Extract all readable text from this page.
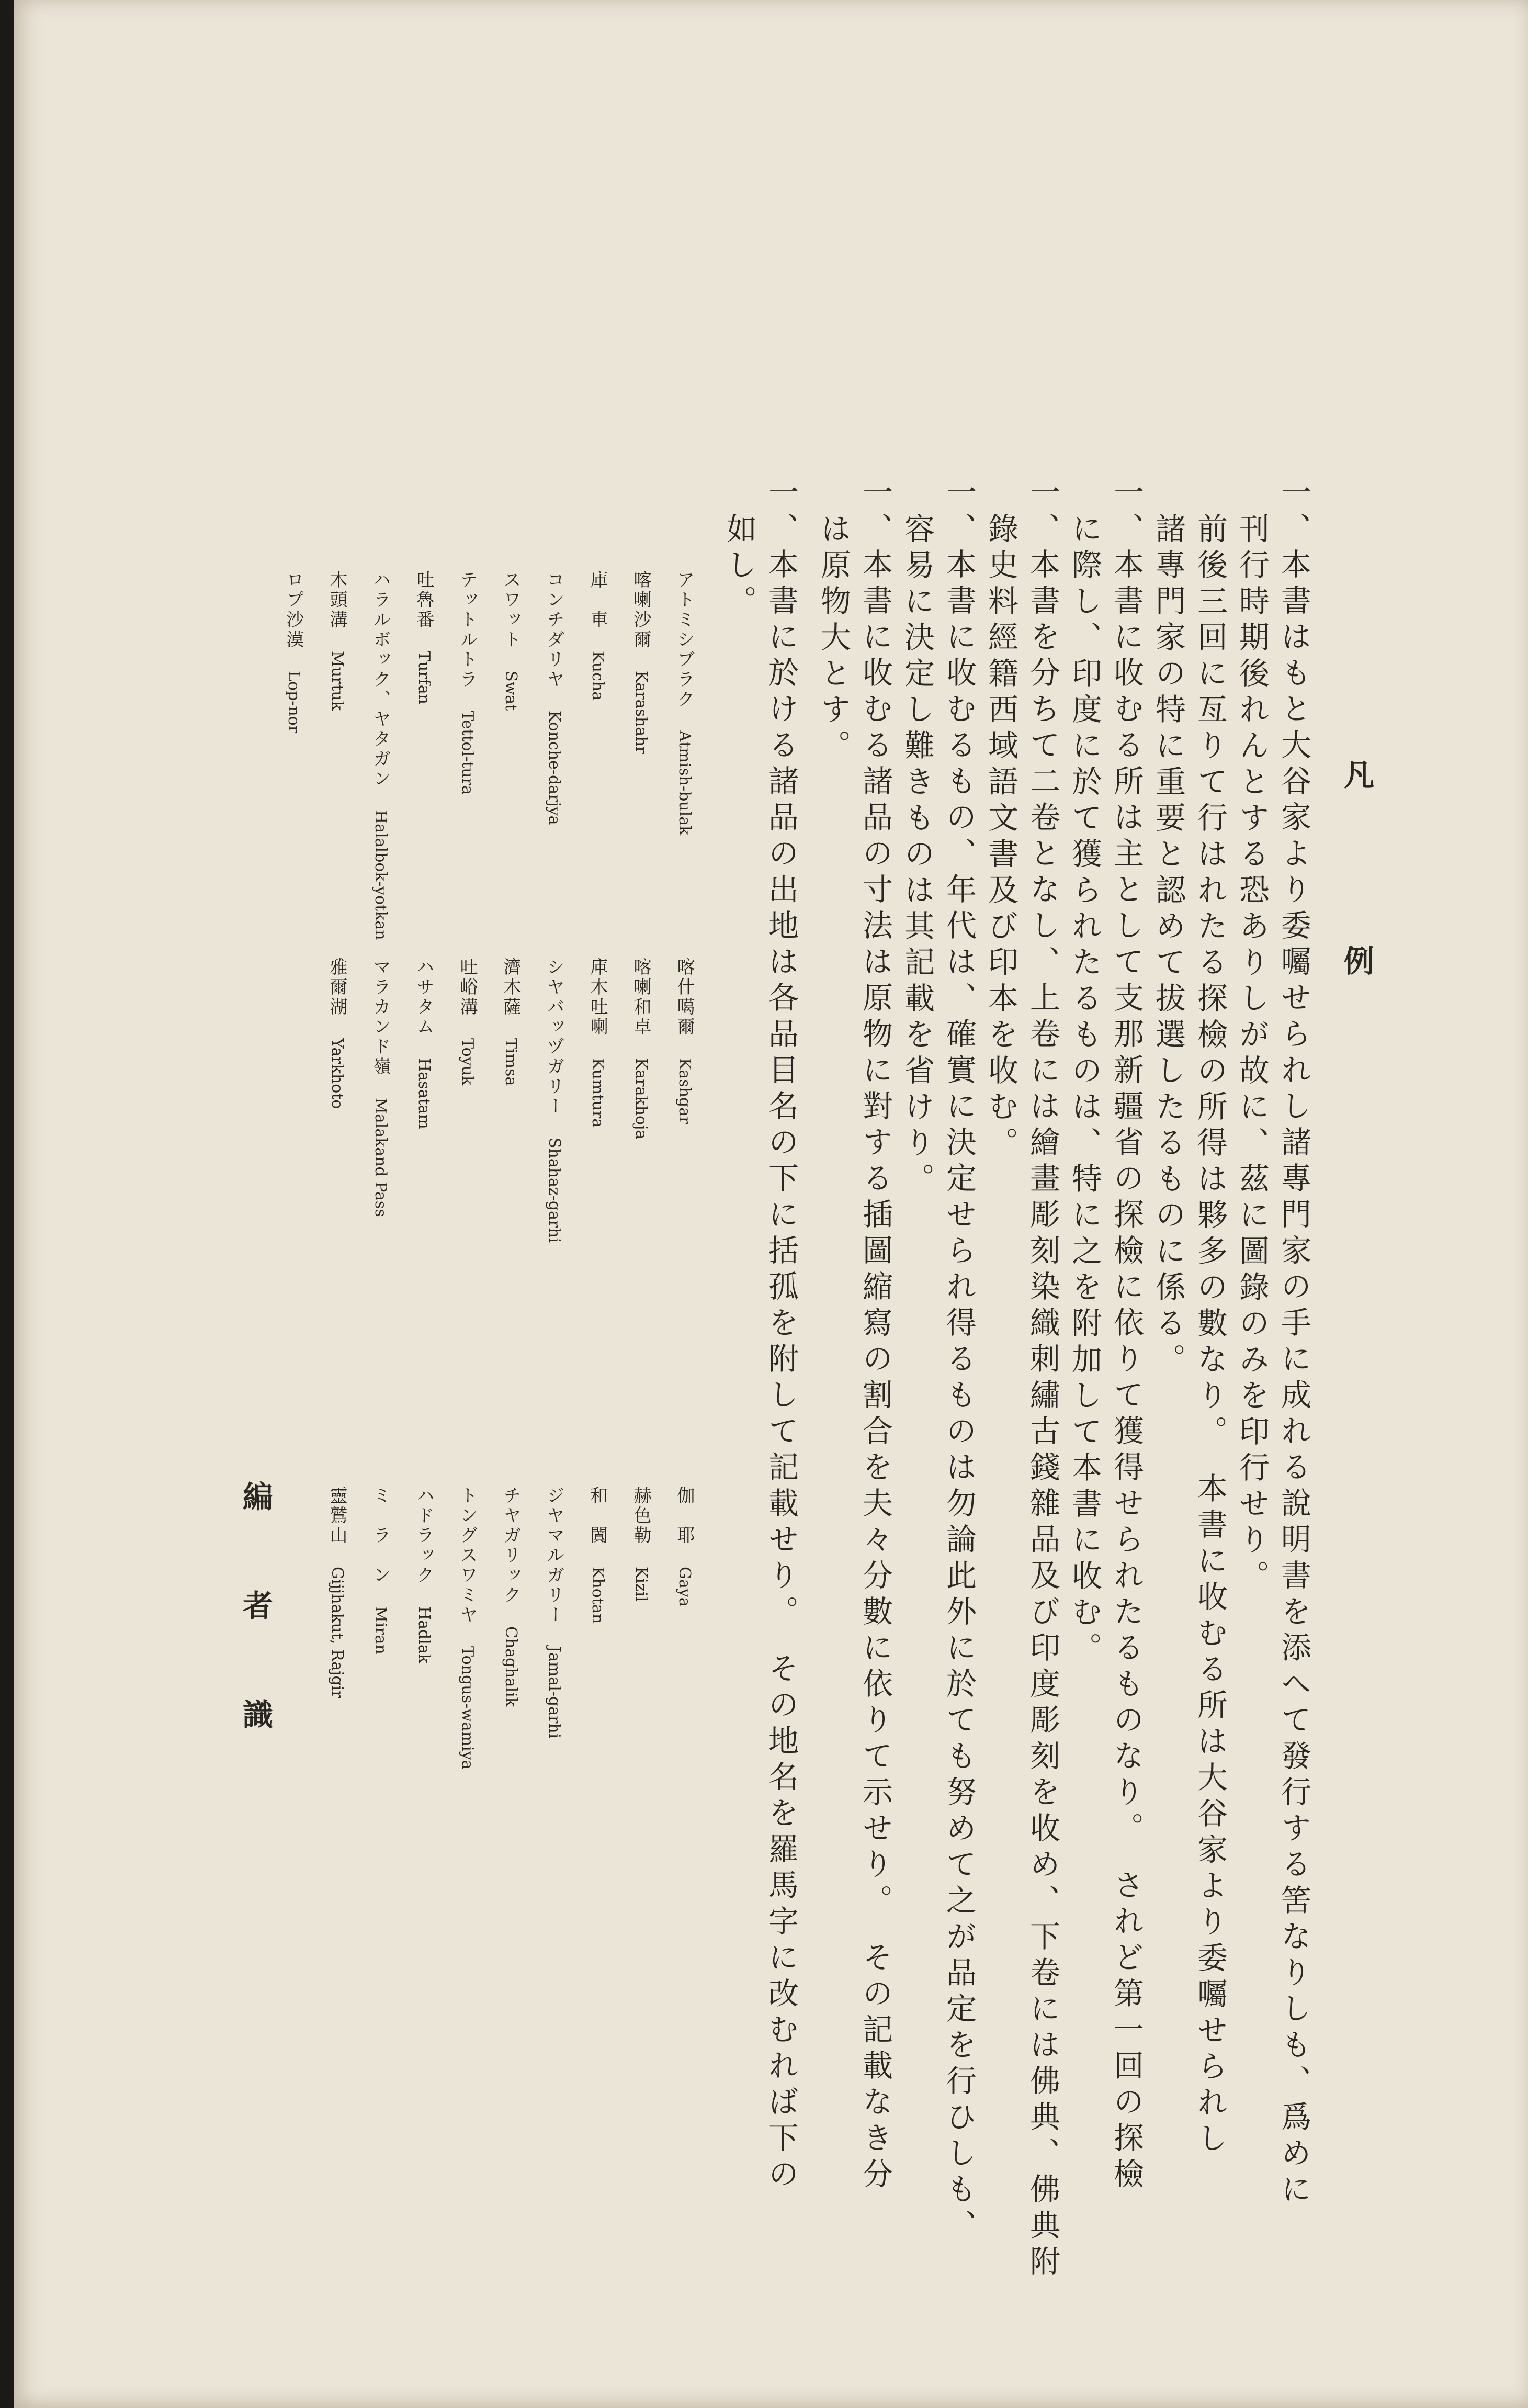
凡　例
一、本書はもと大谷家より委囑せられし諸專門家の手に成れる說明書を添へて發行する筈なりしも、爲めに
刊行時期後れんとする恐ありしが故に、茲に圖錄のみを印行せり。
前後三回に亙りて行はれたる探檢の所得は夥多の數なり。　本書に收むる所は大谷家より委囑せられし
諸專門家の特に重要と認めて拔選したるものに係る。
一、本書に收むる所は主として支那新疆省の探檢に依りて獲得せられたるものなり。　されど第一回の探檢
に際し、印度に於て獲られたるものは、特に之を附加して本書に收む。
一、本書を分ちて二卷となし、上卷には繪畫彫刻染織刺繡古錢雜品及び印度彫刻を收め、下卷には佛典、佛典附
錄史料經籍西域語文書及び印本を收む。
一、本書に收むるもの、年代は、確實に決定せられ得るものは勿論此外に於ても努めて之が品定を行ひしも、
容易に決定し難きものは其記載を省けり。
一、本書に收むる諸品の寸法は原物に對する插圖縮寫の割合を夫々分數に依りて示せり。　その記載なき分
は原物大とす。
一、本書に於ける諸品の出地は各品目名の下に括孤を附して記載せり。　その地名を羅馬字に改むれば下の
如し。
伽　耶Gaya
赫色勒Kizil
和　闐Khotan
ジヤマルガリーJamal-garhi
チヤガリックChaghalik
トングスワミヤTongus-wamiya
ハドラックHadlak
ミ　ラ　ンMiran
靈鷲山Gijjhakut, Rajgir
喀什噶爾Kashgar
喀喇和卓Karakhoja
庫木吐喇Kumtura
シヤバッヅガリーShahaz-garhi
濟木薩Timsa
吐峪溝Toyuk
ハサタムHasatam
マラカンド嶺Malakand Pass
雅爾湖Yarkhoto
アトミシブラクAtmish-bulak
喀喇沙爾Karashahr
庫　車Kucha
コンチダリヤKonche-darjya
スワットSwat
テットルトラTettol-tura
吐魯番Turfan
ハラルボック、ヤタガンHalalbok-yotkan
木頭溝Murtuk
ロプ沙漠Lop-nor
編者識
